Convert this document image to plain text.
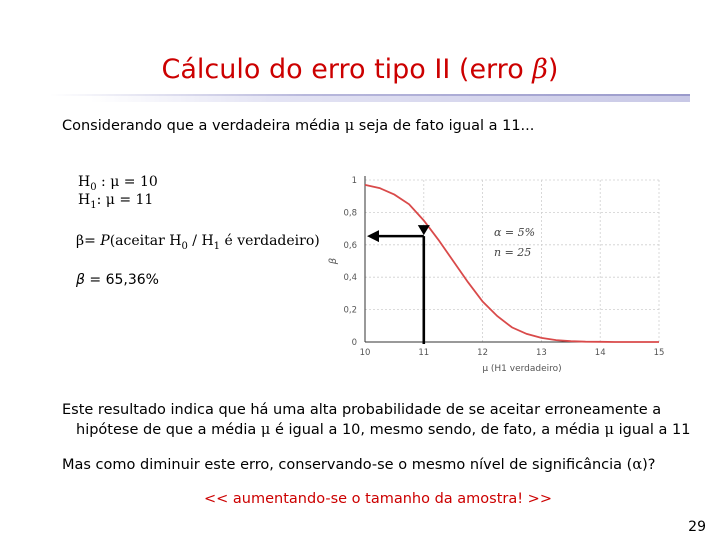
Cálculo do erro tipo II (erro β)
Considerando que a verdadeira média μ seja de fato igual a 11...
$H_0$ : μ = 10
$H_1$: μ = 11
β= P(aceitar $H_0 / H_1$ é verdadeiro)
β = 65,36%
0
0,2
0,4
0,6
0,8
1
10	11	12	13	14	15
β
μ (H1 verdadeiro)
α = 5%
n = 25
Este resultado indica que há uma alta probabilidade de se aceitar erroneamente a
hipótese de que a média μ é igual a 10, mesmo sendo, de fato, a média μ igual a 11
Mas como diminuir este erro, conservando-se o mesmo nível de significância (α)?
<< aumentando-se o tamanho da amostra! >>
29
